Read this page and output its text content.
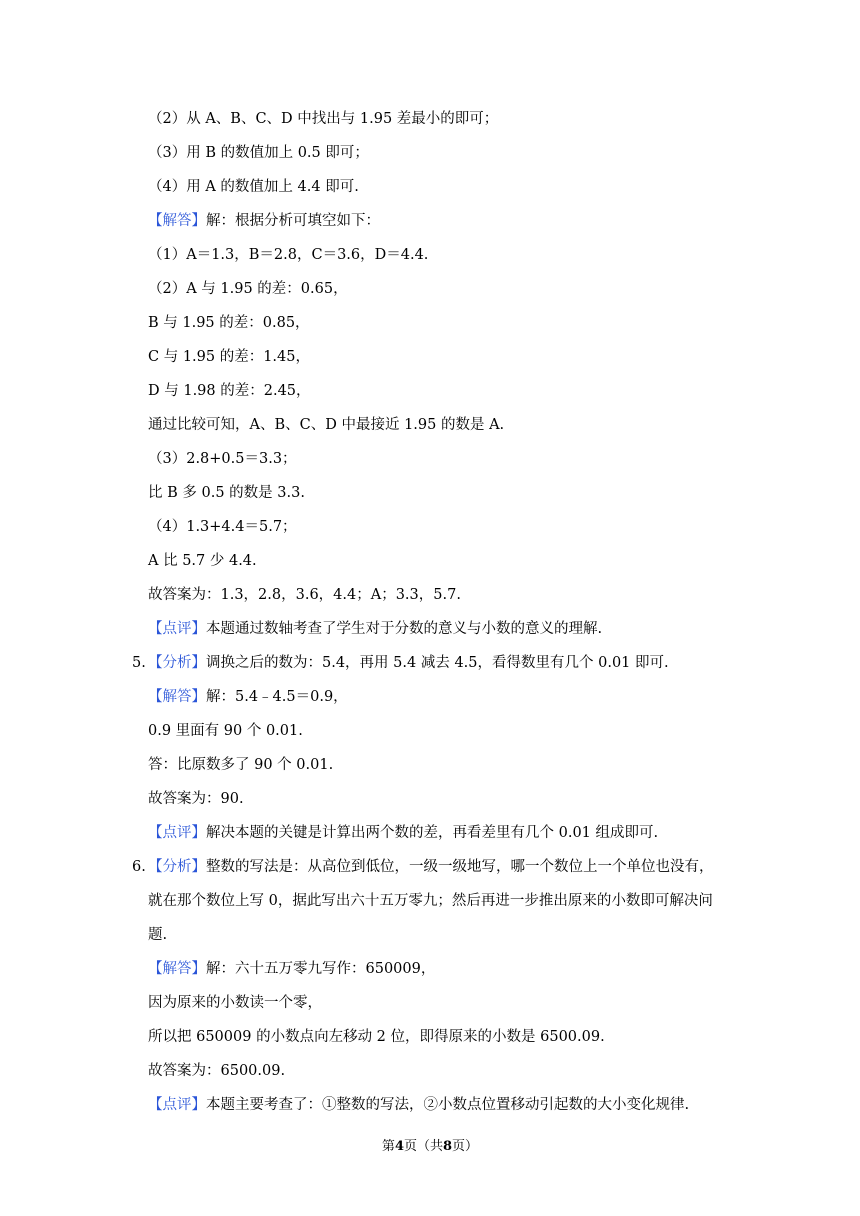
（2）从 A、B、C、D 中找出与 1.95 差最小的即可；
（3）用 B 的数值加上 0.5 即可；
（4）用 A 的数值加上 4.4 即可.
【解答】解：根据分析可填空如下：
（1）A＝1.3，B＝2.8，C＝3.6，D＝4.4.
（2）A 与 1.95 的差：0.65，
B 与 1.95 的差：0.85，
C 与 1.95 的差：1.45，
D 与 1.98 的差：2.45，
通过比较可知，A、B、C、D 中最接近 1.95 的数是 A.
（3）2.8+0.5＝3.3；
比 B 多 0.5 的数是 3.3.
（4）1.3+4.4＝5.7；
A 比 5.7 少 4.4.
故答案为：1.3，2.8，3.6，4.4；A；3.3，5.7.
【点评】本题通过数轴考查了学生对于分数的意义与小数的意义的理解.
5. 【分析】调换之后的数为：5.4，再用 5.4 减去 4.5，看得数里有几个 0.01 即可.
【解答】解：5.4﹣4.5＝0.9，
0.9 里面有 90 个 0.01.
答：比原数多了 90 个 0.01.
故答案为：90.
【点评】解决本题的关键是计算出两个数的差，再看差里有几个 0.01 组成即可.
6. 【分析】整数的写法是：从高位到低位，一级一级地写，哪一个数位上一个单位也没有，
就在那个数位上写 0，据此写出六十五万零九；然后再进一步推出原来的小数即可解决问
题.
【解答】解：六十五万零九写作：650009，
因为原来的小数读一个零，
所以把 650009 的小数点向左移动 2 位，即得原来的小数是 6500.09.
故答案为：6500.09.
【点评】本题主要考查了：①整数的写法，②小数点位置移动引起数的大小变化规律.
第4页（共8页）
